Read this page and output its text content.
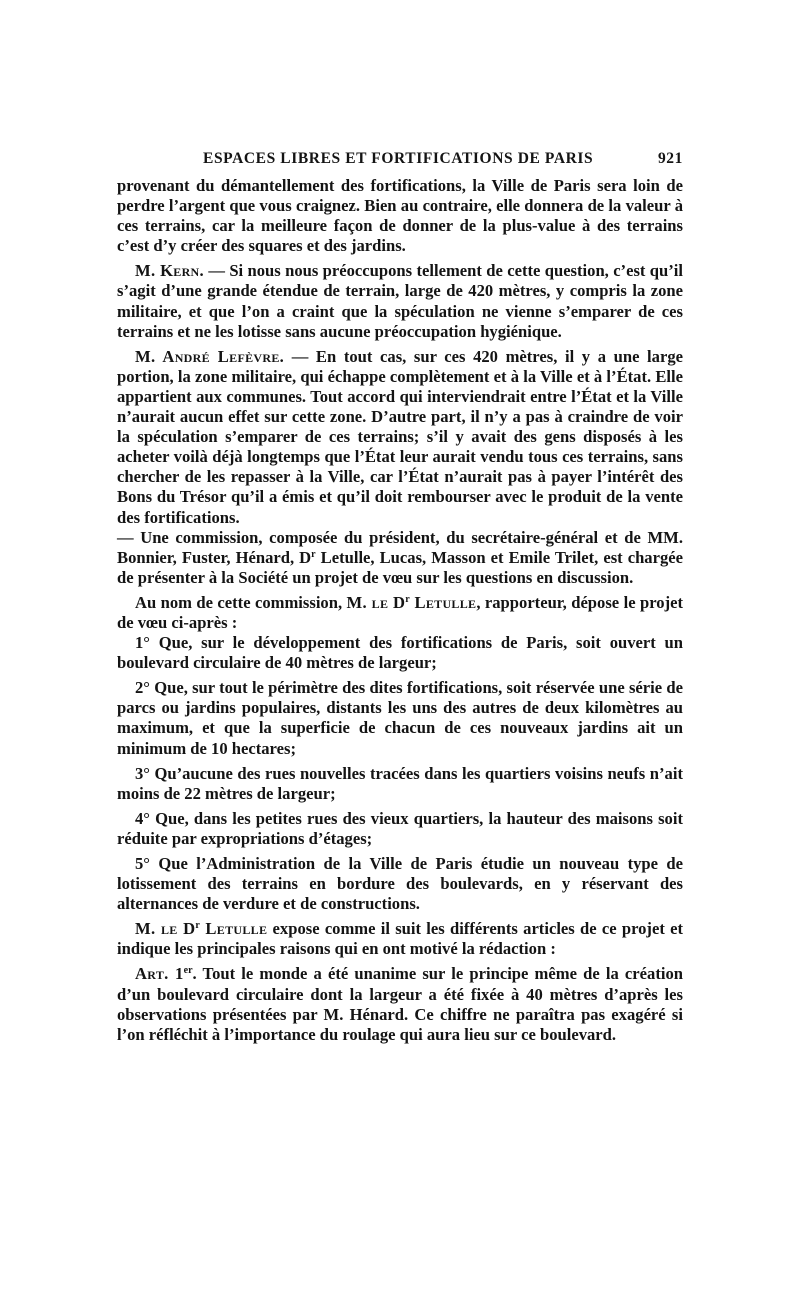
ESPACES LIBRES ET FORTIFICATIONS DE PARIS	921

provenant du démantellement des fortifications, la Ville de Paris sera loin de perdre l’argent que vous craignez. Bien au contraire, elle donnera de la valeur à ces terrains, car la meilleure façon de donner de la plus-value à des terrains c’est d’y créer des squares et des jardins.

M. Kern. — Si nous nous préoccupons tellement de cette question, c’est qu’il s’agit d’une grande étendue de terrain, large de 420 mètres, y compris la zone militaire, et que l’on a craint que la spéculation ne vienne s’emparer de ces terrains et ne les lotisse sans aucune préoccupation hygiénique.

M. André Lefèvre. — En tout cas, sur ces 420 mètres, il y a une large portion, la zone militaire, qui échappe complètement et à la Ville et à l’État. Elle appartient aux communes. Tout accord qui interviendrait entre l’État et la Ville n’aurait aucun effet sur cette zone. D’autre part, il n’y a pas à craindre de voir la spéculation s’emparer de ces terrains; s’il y avait des gens disposés à les acheter voilà déjà longtemps que l’État leur aurait vendu tous ces terrains, sans chercher de les repasser à la Ville, car l’État n’aurait pas à payer l’intérêt des Bons du Trésor qu’il a émis et qu’il doit rembourser avec le produit de la vente des fortifications.

— Une commission, composée du président, du secrétaire-général et de MM. Bonnier, Fuster, Hénard, $D^r$ Letulle, Lucas, Masson et Emile Trilet, est chargée de présenter à la Société un projet de vœu sur les questions en discussion.

Au nom de cette commission, M. le $D^r$ Letulle, rapporteur, dépose le projet de vœu ci-après :

1° Que, sur le développement des fortifications de Paris, soit ouvert un boulevard circulaire de 40 mètres de largeur;

2° Que, sur tout le périmètre des dites fortifications, soit réservée une série de parcs ou jardins populaires, distants les uns des autres de deux kilomètres au maximum, et que la superficie de chacun de ces nouveaux jardins ait un minimum de 10 hectares;

3° Qu’aucune des rues nouvelles tracées dans les quartiers voisins neufs n’ait moins de 22 mètres de largeur;

4° Que, dans les petites rues des vieux quartiers, la hauteur des maisons soit réduite par expropriations d’étages;

5° Que l’Administration de la Ville de Paris étudie un nouveau type de lotissement des terrains en bordure des boulevards, en y réservant des alternances de verdure et de constructions.

M. le $D^r$ Letulle expose comme il suit les différents articles de ce projet et indique les principales raisons qui en ont motivé la rédaction :

Art. 1er. Tout le monde a été unanime sur le principe même de la création d’un boulevard circulaire dont la largeur a été fixée à 40 mètres d’après les observations présentées par M. Hénard. Ce chiffre ne paraîtra pas exagéré si l’on réfléchit à l’importance du roulage qui aura lieu sur ce boulevard.
